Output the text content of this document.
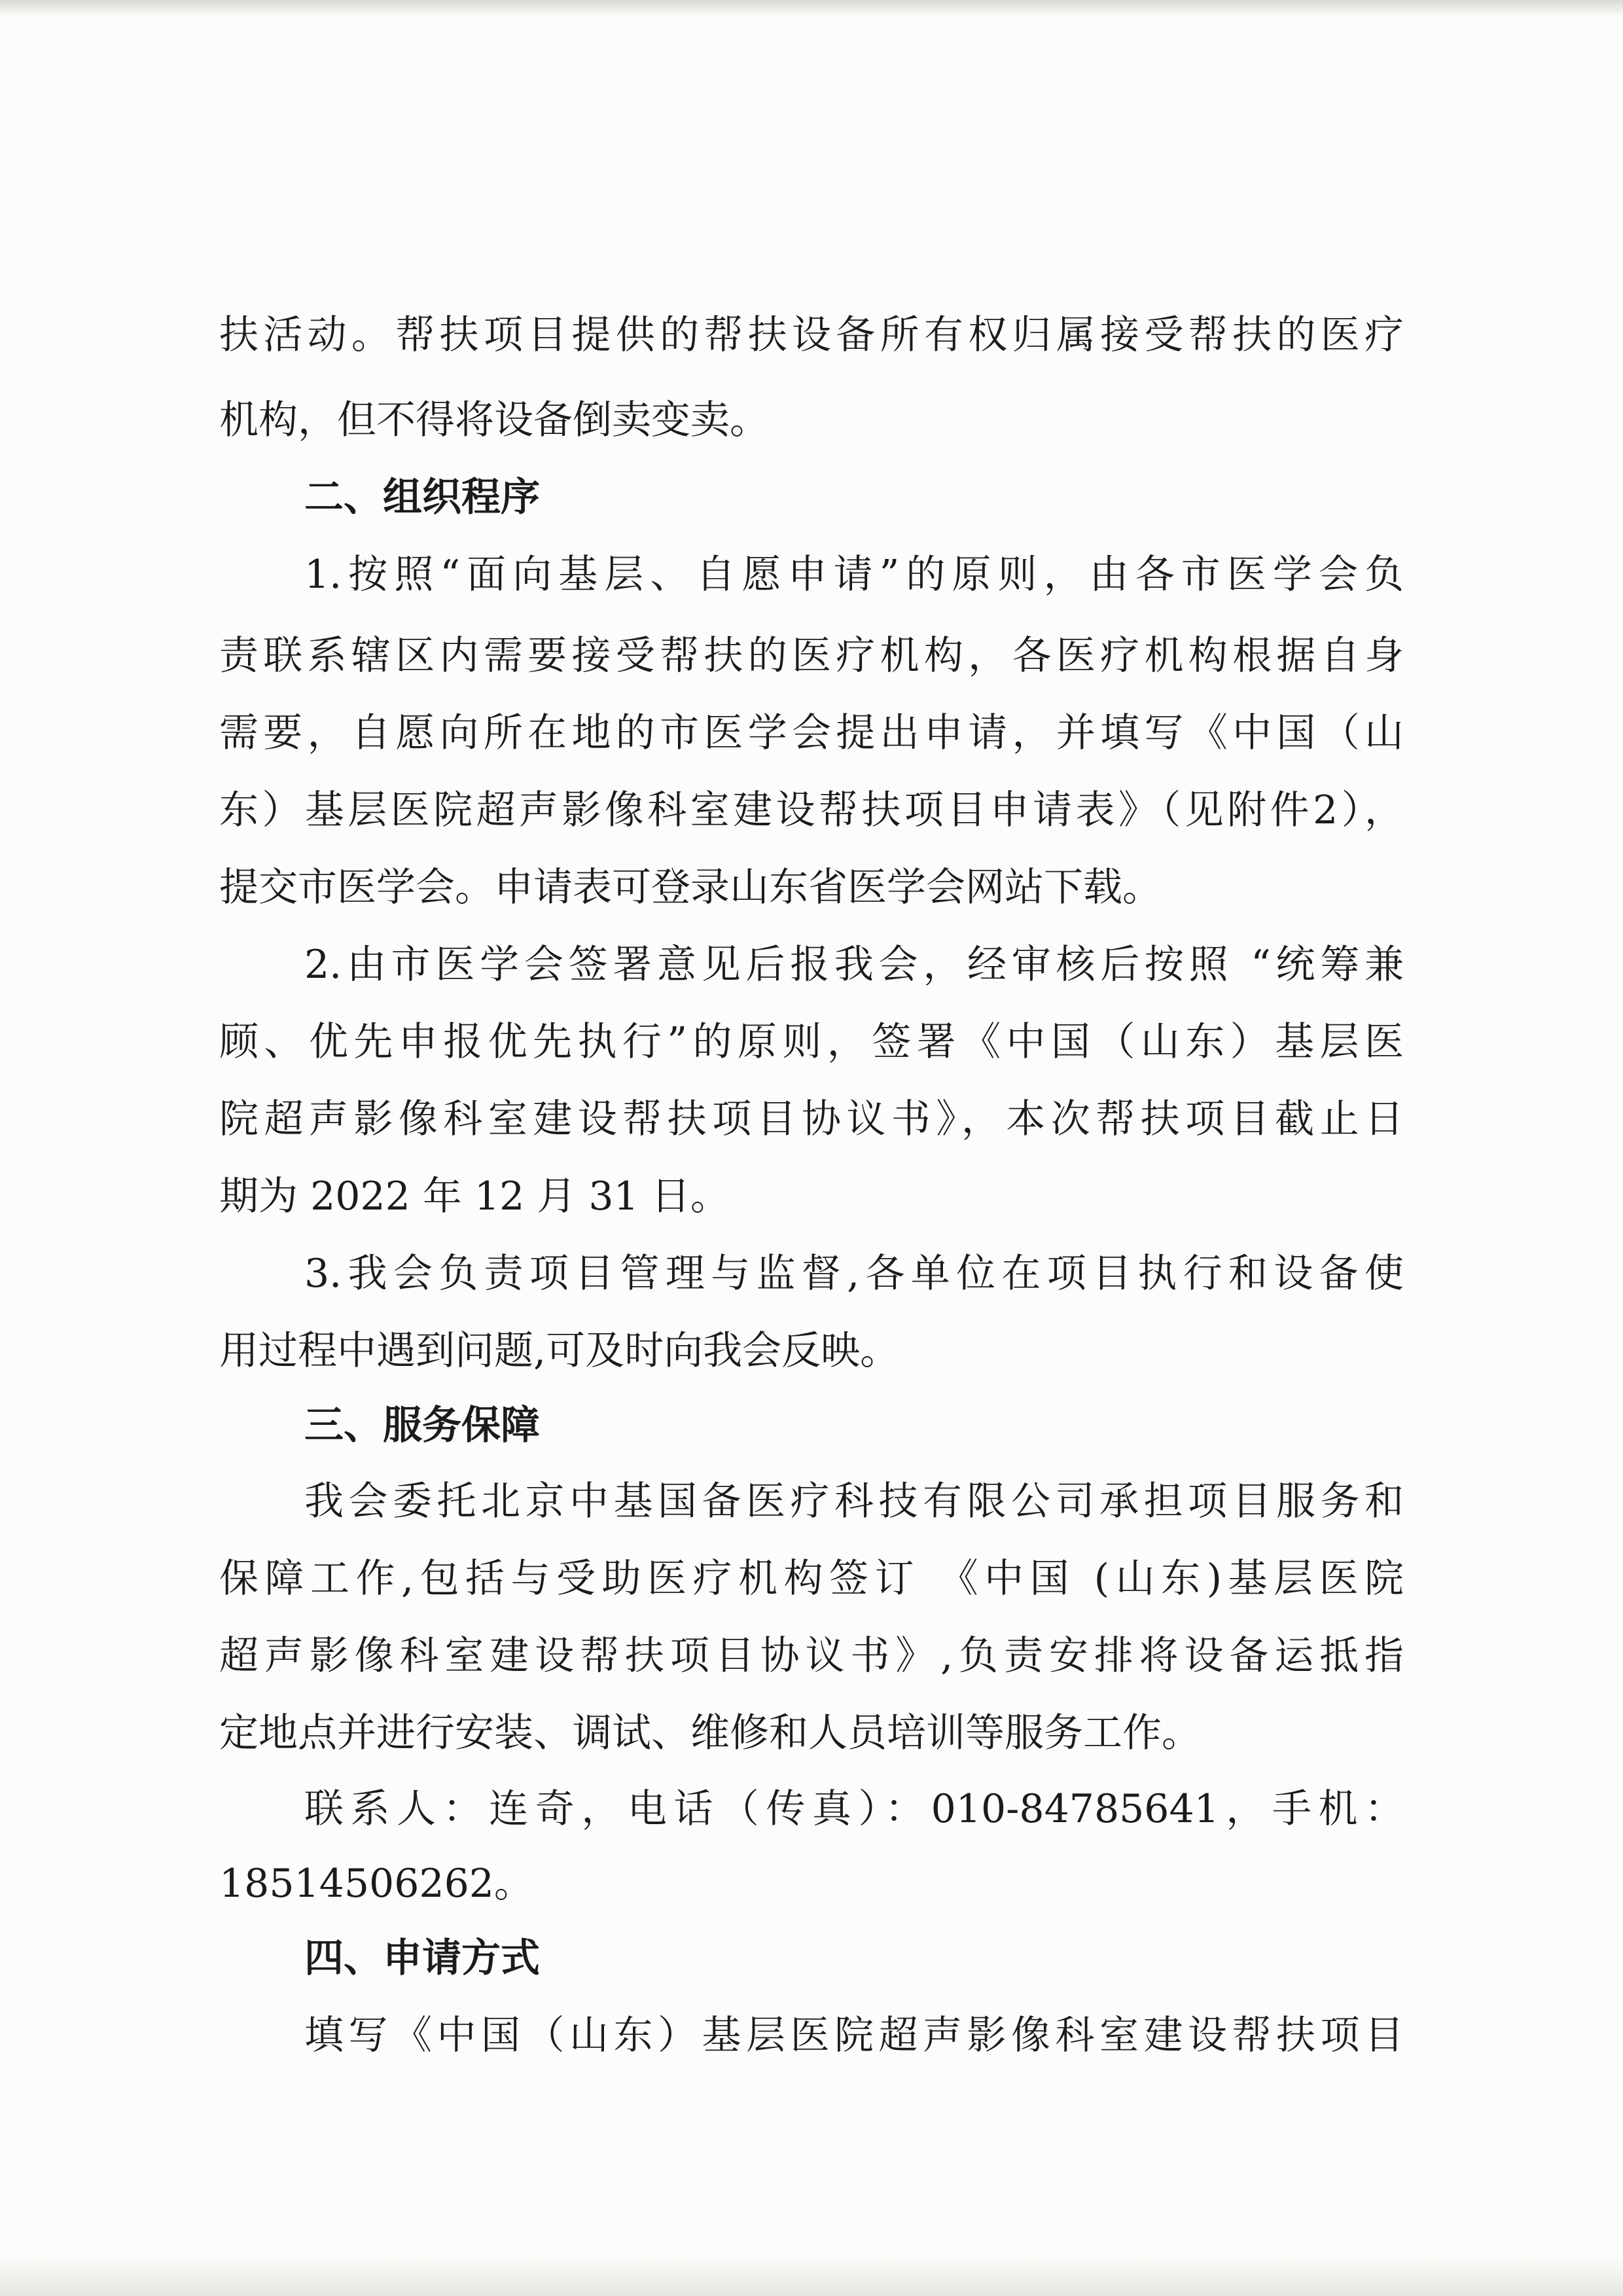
扶活动。帮扶项目提供的帮扶设备所有权归属接受帮扶的医疗
机构，但不得将设备倒卖变卖。
二、组织程序
1.按照“面向基层、自愿申请”的原则，由各市医学会负
责联系辖区内需要接受帮扶的医疗机构，各医疗机构根据自身
需要，自愿向所在地的市医学会提出申请，并填写《中国（山
东）基层医院超声影像科室建设帮扶项目申请表》（见附件2），
提交市医学会。申请表可登录山东省医学会网站下载。
2.由市医学会签署意见后报我会，经审核后按照 “统筹兼
顾、优先申报优先执行”的原则，签署《中国（山东）基层医
院超声影像科室建设帮扶项目协议书》，本次帮扶项目截止日
期为 2022 年 12 月 31 日。
3.我会负责项目管理与监督,各单位在项目执行和设备使
用过程中遇到问题,可及时向我会反映。
三、服务保障
我会委托北京中基国备医疗科技有限公司承担项目服务和
保障工作,包括与受助医疗机构签订 《中国 (山东)基层医院
超声影像科室建设帮扶项目协议书》,负责安排将设备运抵指
定地点并进行安装、调试、维修和人员培训等服务工作。
联系人：连奇，电话（传真）：010-84785641，手机：
18514506262。
四、申请方式
填写《中国（山东）基层医院超声影像科室建设帮扶项目
